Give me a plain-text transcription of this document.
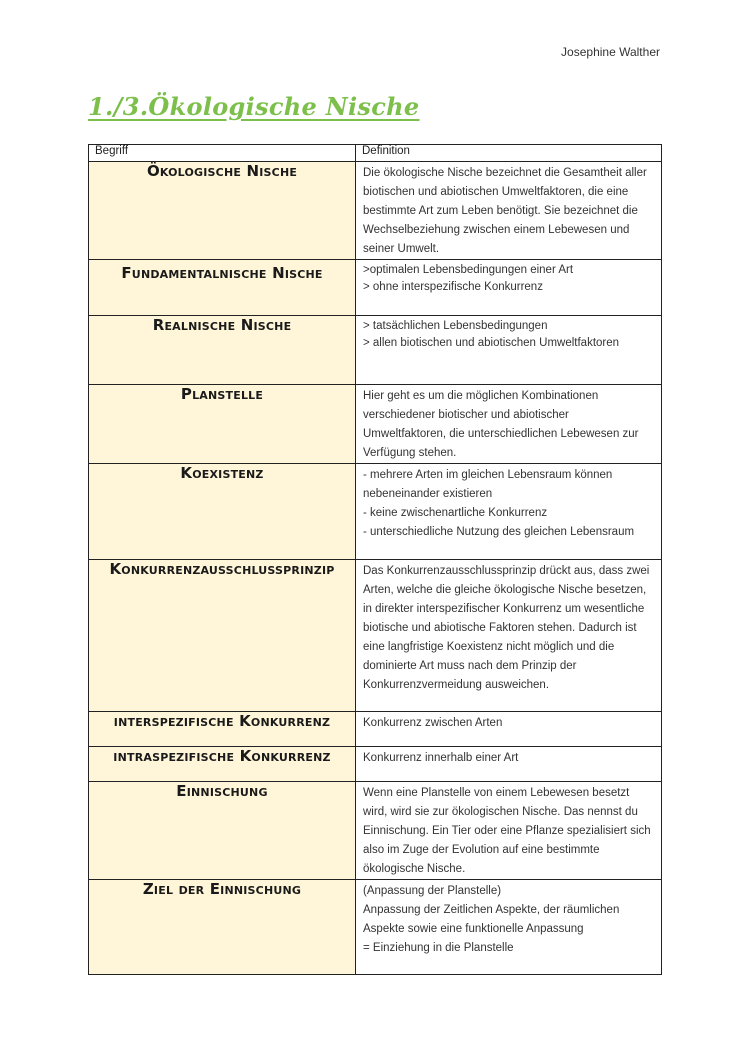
Josephine Walther
1./3.Ökologische Nische
Begriff	Definition
Ökologische Nische	Die ökologische Nische bezeichnet die Gesamtheit aller biotischen und abiotischen Umweltfaktoren, die eine bestimmte Art zum Leben benötigt. Sie bezeichnet die Wechselbeziehung zwischen einem Lebewesen und seiner Umwelt.
Fundamentalnische Nische	>optimalen Lebensbedingungen einer Art
> ohne interspezifische Konkurrenz
Realnische Nische	> tatsächlichen Lebensbedingungen
> allen biotischen und abiotischen Umweltfaktoren
Planstelle	Hier geht es um die möglichen Kombinationen verschiedener biotischer und abiotischer Umweltfaktoren, die unterschiedlichen Lebewesen zur Verfügung stehen.
Koexistenz	- mehrere Arten im gleichen Lebensraum können nebeneinander existieren
- keine zwischenartliche Konkurrenz
- unterschiedliche Nutzung des gleichen Lebensraum
Konkurrenzausschlussprinzip	Das Konkurrenzausschlussprinzip drückt aus, dass zwei Arten, welche die gleiche ökologische Nische besetzen, in direkter interspezifischer Konkurrenz um wesentliche biotische und abiotische Faktoren stehen. Dadurch ist eine langfristige Koexistenz nicht möglich und die dominierte Art muss nach dem Prinzip der Konkurrenzvermeidung ausweichen.
interspezifische Konkurrenz	Konkurrenz zwischen Arten
intraspezifische Konkurrenz	Konkurrenz innerhalb einer Art
Einnischung	Wenn eine Planstelle von einem Lebewesen besetzt wird, wird sie zur ökologischen Nische. Das nennst du Einnischung. Ein Tier oder eine Pflanze spezialisiert sich also im Zuge der Evolution auf eine bestimmte ökologische Nische.
Ziel der Einnischung	(Anpassung der Planstelle)
Anpassung der Zeitlichen Aspekte, der räumlichen Aspekte sowie eine funktionelle Anpassung
= Einziehung in die Planstelle
